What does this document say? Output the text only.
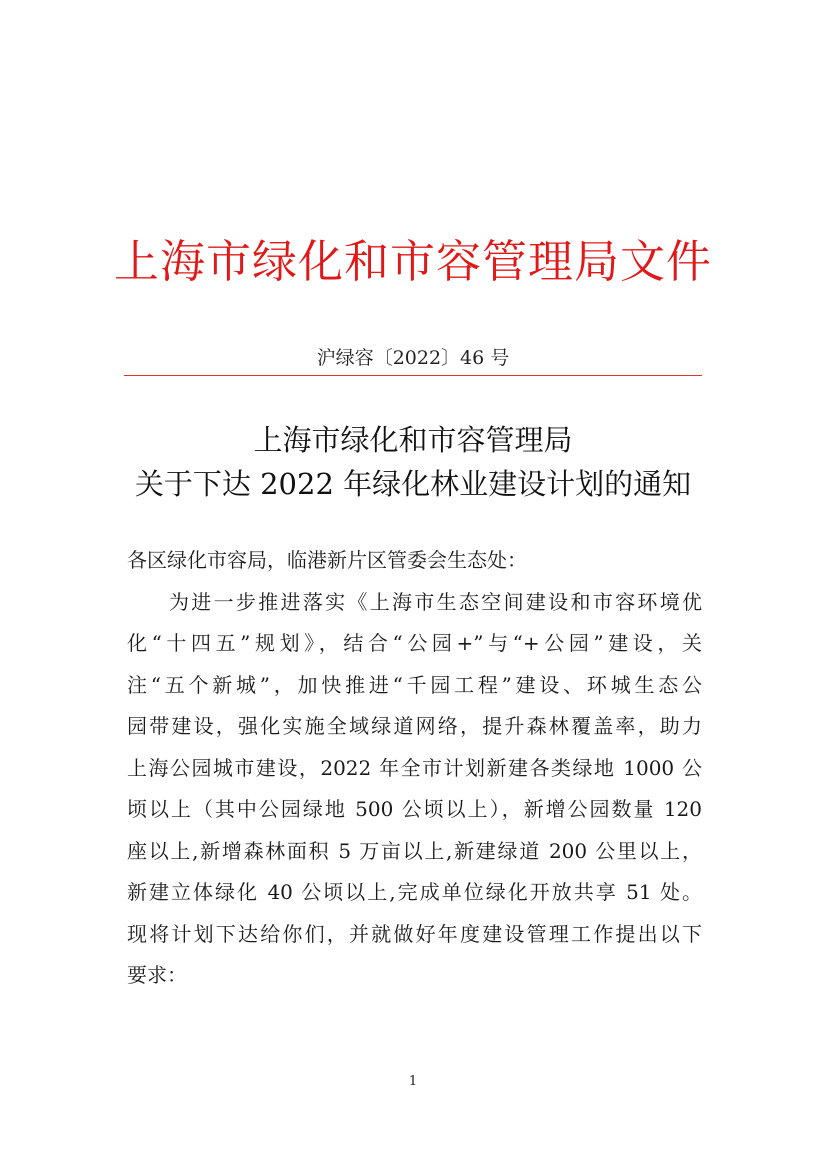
上海市绿化和市容管理局文件
沪绿容〔2022〕46 号
上海市绿化和市容管理局
关于下达 2022 年绿化林业建设计划的通知

各区绿化市容局，临港新片区管委会生态处：

为进一步推进落实《上海市生态空间建设和市容环境优
化“十四五”规划》，结合“公园+”与“+公园”建设，关
注“五个新城”，加快推进“千园工程”建设、环城生态公
园带建设，强化实施全域绿道网络，提升森林覆盖率，助力
上海公园城市建设，2022 年全市计划新建各类绿地 1000 公
顷以上（其中公园绿地 500 公顷以上），新增公园数量 120
座以上,新增森林面积 5 万亩以上,新建绿道 200 公里以上，
新建立体绿化 40 公顷以上,完成单位绿化开放共享 51 处。
现将计划下达给你们，并就做好年度建设管理工作提出以下
要求：
1
